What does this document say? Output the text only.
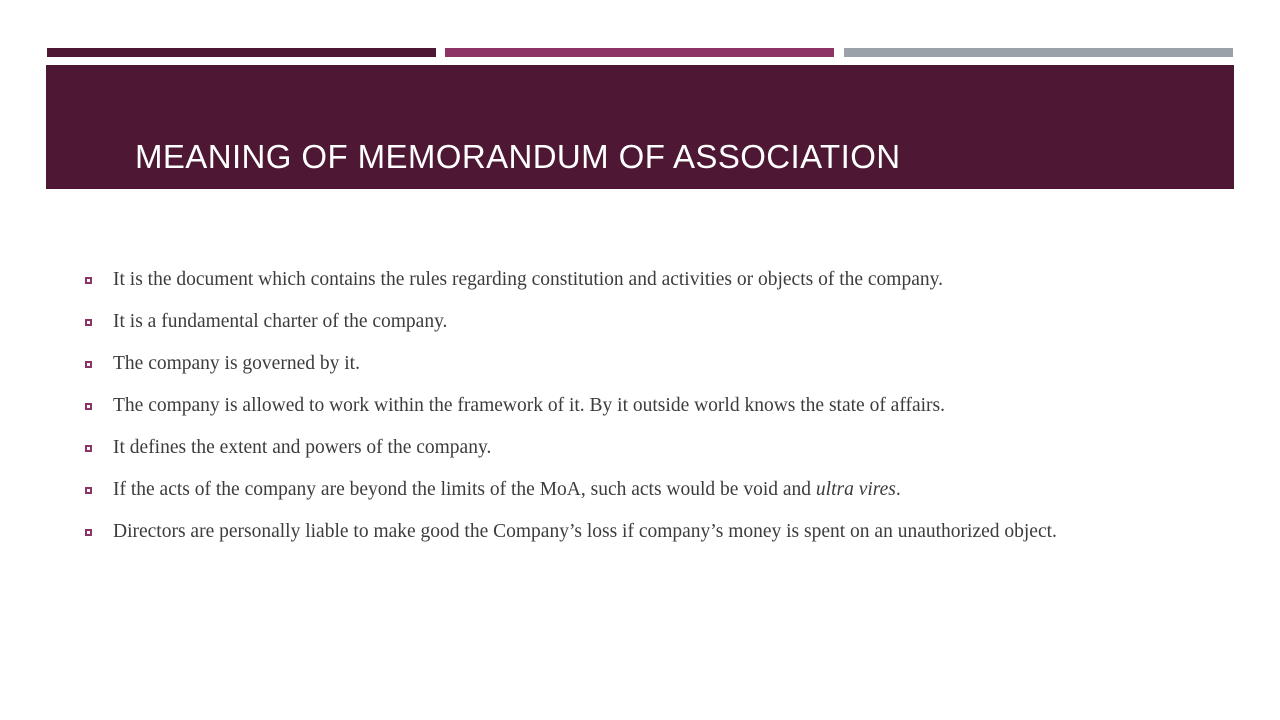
MEANING OF MEMORANDUM OF ASSOCIATION
It is the document which contains the rules regarding constitution and activities or objects of the company.
It is a fundamental charter of the company.
The company is governed by it.
The company is allowed to work within the framework of it. By it outside world knows the state of affairs.
It defines the extent and powers of the company.
If the acts of the company are beyond the limits of the MoA, such acts would be void and ultra vires.
Directors are personally liable to make good the Company’s loss if company’s money is spent on an unauthorized object.
